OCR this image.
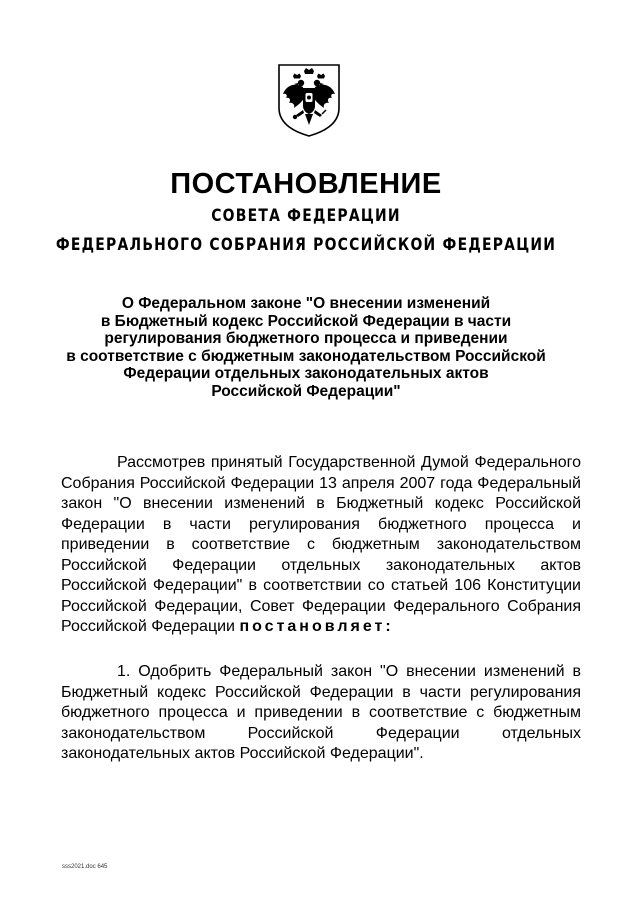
ПОСТАНОВЛЕНИЕ
СОВЕТА ФЕДЕРАЦИИ
ФЕДЕРАЛЬНОГО СОБРАНИЯ РОССИЙСКОЙ ФЕДЕРАЦИИ
О Федеральном законе "О внесении изменений
в Бюджетный кодекс Российской Федерации в части
регулирования бюджетного процесса и приведении
в соответствие с бюджетным законодательством Российской
Федерации отдельных законодательных актов
Российской Федерации"
Рассмотрев принятый Государственной Думой Федерального Собрания Российской Федерации 13 апреля 2007 года Федеральный закон "О внесении изменений в Бюджетный кодекс Российской Федерации в части регулирования бюджетного процесса и приведении в соответствие с бюджетным законодательством Российской Федерации отдельных законодательных актов Российской Федерации" в соответствии со статьей 106 Конституции Российской Федерации, Совет Федерации Федерального Собрания Российской Федерации постановляет:
1. Одобрить Федеральный закон "О внесении изменений в Бюджетный кодекс Российской Федерации в части регулирования бюджетного процесса и приведении в соответствие с бюджетным законодательством Российской Федерации отдельных законодательных актов Российской Федерации".
sss2021.doc 645
